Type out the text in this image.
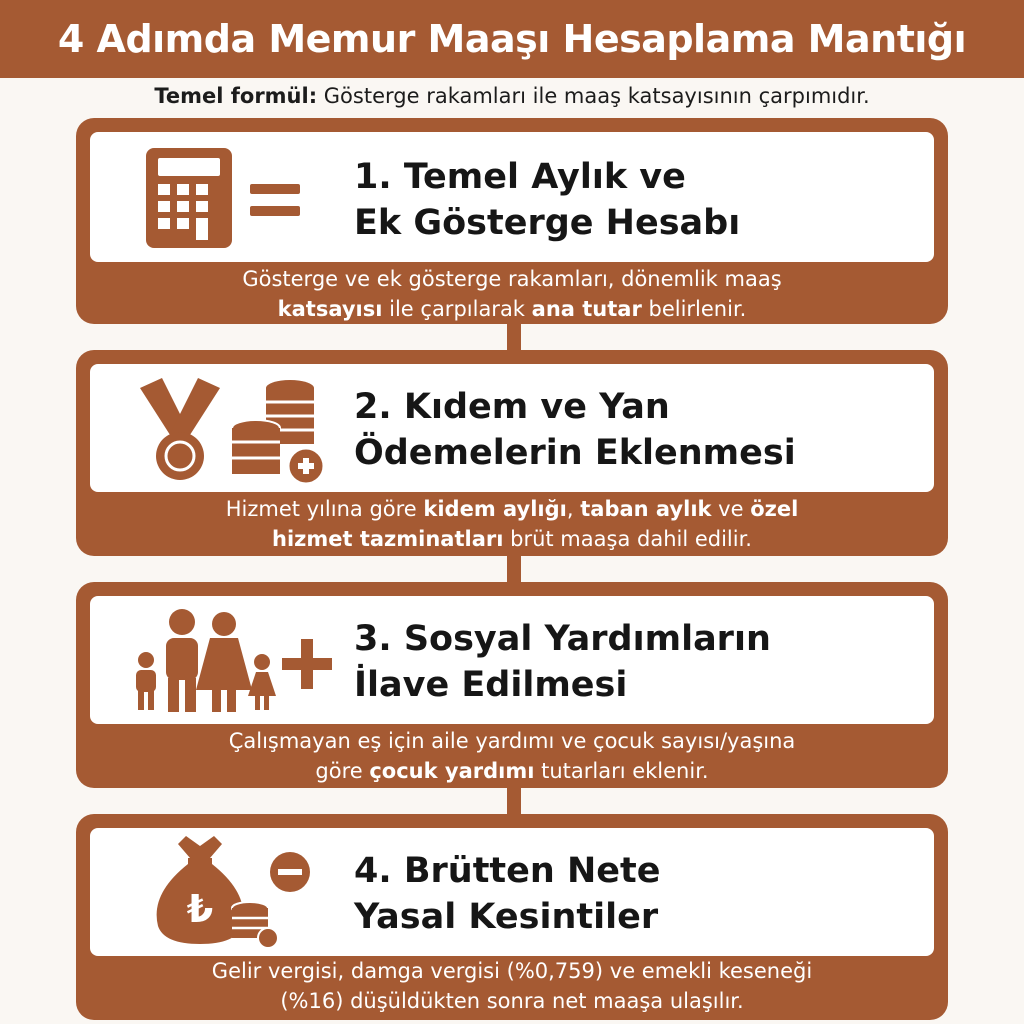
4 Adımda Memur Maaşı Hesaplama Mantığı
Temel formül: Gösterge rakamları ile maaş katsayısının çarpımıdır.
1. Temel Aylık ve
Ek Gösterge Hesabı
Gösterge ve ek gösterge rakamları, dönemlik maaş
katsayısı ile çarpılarak ana tutar belirlenir.
2. Kıdem ve Yan
Ödemelerin Eklenmesi
Hizmet yılına göre kidem aylığı, taban aylık ve özel
hizmet tazminatları brüt maaşa dahil edilir.
3. Sosyal Yardımların
İlave Edilmesi
Çalışmayan eş için aile yardımı ve çocuk sayısı/yaşına
göre çocuk yardımı tutarları eklenir.
₺
4. Brütten Nete
Yasal Kesintiler
Gelir vergisi, damga vergisi (%0,759) ve emekli keseneği
(%16) düşüldükten sonra net maaşa ulaşılır.
